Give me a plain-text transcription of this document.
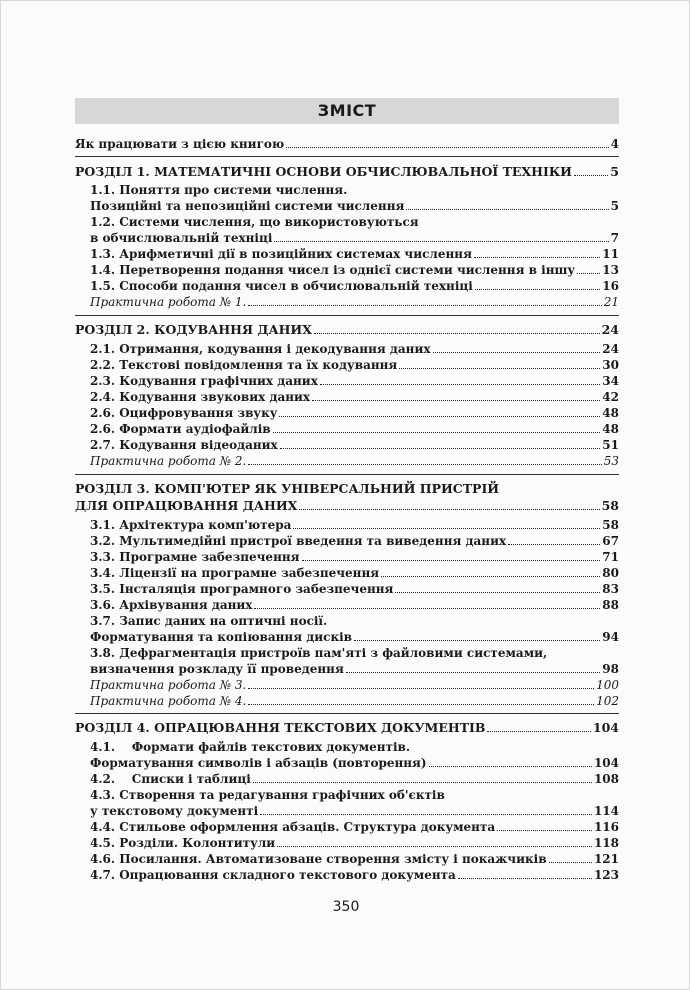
ЗМІСТ
Як працювати з цією книгою	4
РОЗДІЛ 1. МАТЕМАТИЧНІ ОСНОВИ ОБЧИСЛЮВАЛЬНОЇ ТЕХНІКИ	5
1.1. Поняття про системи числення.
Позиційні та непозиційні системи числення	5
1.2. Системи числення, що використовуються
в обчислювальній техніці	7
1.3. Арифметичні дії в позиційних системах числення	11
1.4. Перетворення подання чисел із однієї системи числення в іншу 13
1.5. Способи подання чисел в обчислювальній техніці	16
Практична робота № 1.	21
РОЗДІЛ 2. КОДУВАННЯ ДАНИХ	24
2.1. Отримання, кодування і декодування даних	24
2.2. Текстові повідомлення та їх кодування	30
2.3. Кодування графічних даних	34
2.4. Кодування звукових даних	42
2.6. Оцифровування звуку	48
2.6. Формати аудіофайлів	48
2.7. Кодування відеоданих	51
Практична робота № 2.	53
РОЗДІЛ 3. КОМП'ЮТЕР ЯК УНІВЕРСАЛЬНИЙ ПРИСТРІЙ
ДЛЯ ОПРАЦЮВАННЯ ДАНИХ	58
3.1. Архітектура комп'ютера	58
3.2. Мультимедійні пристрої введення та виведення даних	67
3.3. Програмне забезпечення	71
3.4. Ліцензії на програмне забезпечення	80
3.5. Інсталяція програмного забезпечення	83
3.6. Архівування даних	88
3.7. Запис даних на оптичні носії.
Форматування та копіювання дисків	94
3.8. Дефрагментація пристроїв пам'яті з файловими системами,
визначення розкладу її проведення	98
Практична робота № 3.	100
Практична робота № 4.	102
РОЗДІЛ 4. ОПРАЦЮВАННЯ ТЕКСТОВИХ ДОКУМЕНТІВ	104
4.1.    Формати файлів текстових документів.
Форматування символів і абзаців (повторення)	104
4.2.    Списки і таблиці	108
4.3. Створення та редагування графічних об'єктів
у текстовому документі	114
4.4. Стильове оформлення абзаців. Структура документа	116
4.5. Розділи. Колонтитули	118
4.6. Посилання. Автоматизоване створення змісту і покажчиків	121
4.7. Опрацювання складного текстового документа	123
350
